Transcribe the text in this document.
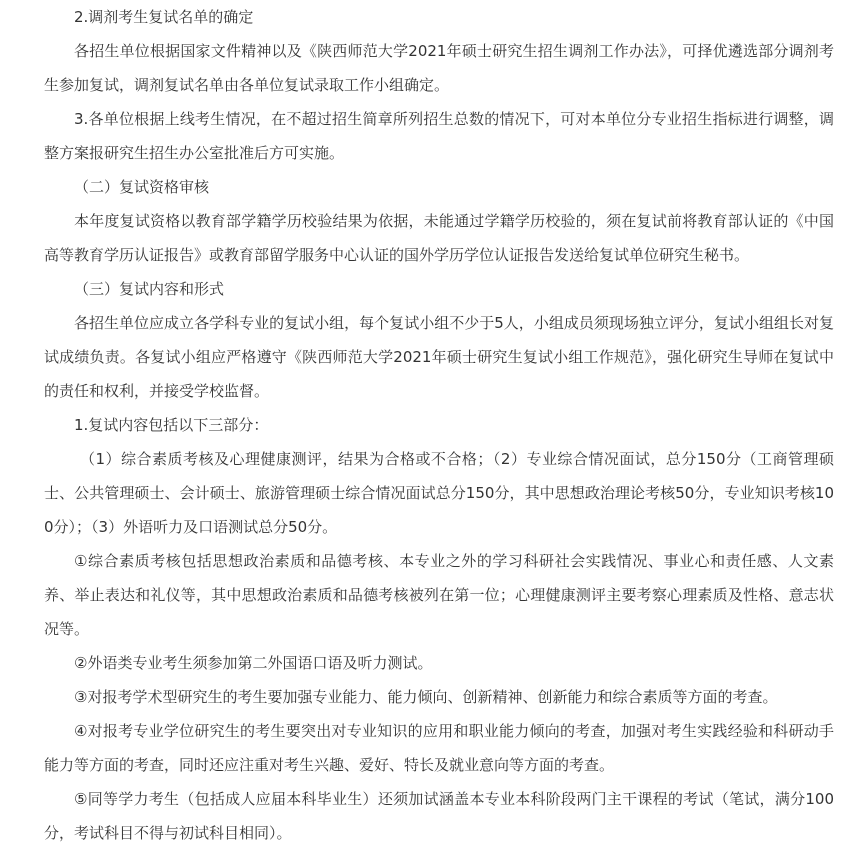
2.调剂考生复试名单的确定

各招生单位根据国家文件精神以及《陕西师范大学2021年硕士研究生招生调剂工作办法》，可择优遴选部分调剂考生参加复试，调剂复试名单由各单位复试录取工作小组确定。

3.各单位根据上线考生情况，在不超过招生简章所列招生总数的情况下，可对本单位分专业招生指标进行调整，调整方案报研究生招生办公室批准后方可实施。

（二）复试资格审核

本年度复试资格以教育部学籍学历校验结果为依据，未能通过学籍学历校验的，须在复试前将教育部认证的《中国高等教育学历认证报告》或教育部留学服务中心认证的国外学历学位认证报告发送给复试单位研究生秘书。

（三）复试内容和形式

各招生单位应成立各学科专业的复试小组，每个复试小组不少于5人，小组成员须现场独立评分，复试小组组长对复试成绩负责。各复试小组应严格遵守《陕西师范大学2021年硕士研究生复试小组工作规范》，强化研究生导师在复试中的责任和权利，并接受学校监督。

1.复试内容包括以下三部分：

（1）综合素质考核及心理健康测评，结果为合格或不合格；（2）专业综合情况面试，总分150分（工商管理硕士、公共管理硕士、会计硕士、旅游管理硕士综合情况面试总分150分，其中思想政治理论考核50分，专业知识考核100分）；（3）外语听力及口语测试总分50分。

①综合素质考核包括思想政治素质和品德考核、本专业之外的学习科研社会实践情况、事业心和责任感、人文素养、举止表达和礼仪等，其中思想政治素质和品德考核被列在第一位；心理健康测评主要考察心理素质及性格、意志状况等。

②外语类专业考生须参加第二外国语口语及听力测试。

③对报考学术型研究生的考生要加强专业能力、能力倾向、创新精神、创新能力和综合素质等方面的考查。

④对报考专业学位研究生的考生要突出对专业知识的应用和职业能力倾向的考查，加强对考生实践经验和科研动手能力等方面的考查，同时还应注重对考生兴趣、爱好、特长及就业意向等方面的考查。

⑤同等学力考生（包括成人应届本科毕业生）还须加试涵盖本专业本科阶段两门主干课程的考试（笔试，满分100分，考试科目不得与初试科目相同）。
